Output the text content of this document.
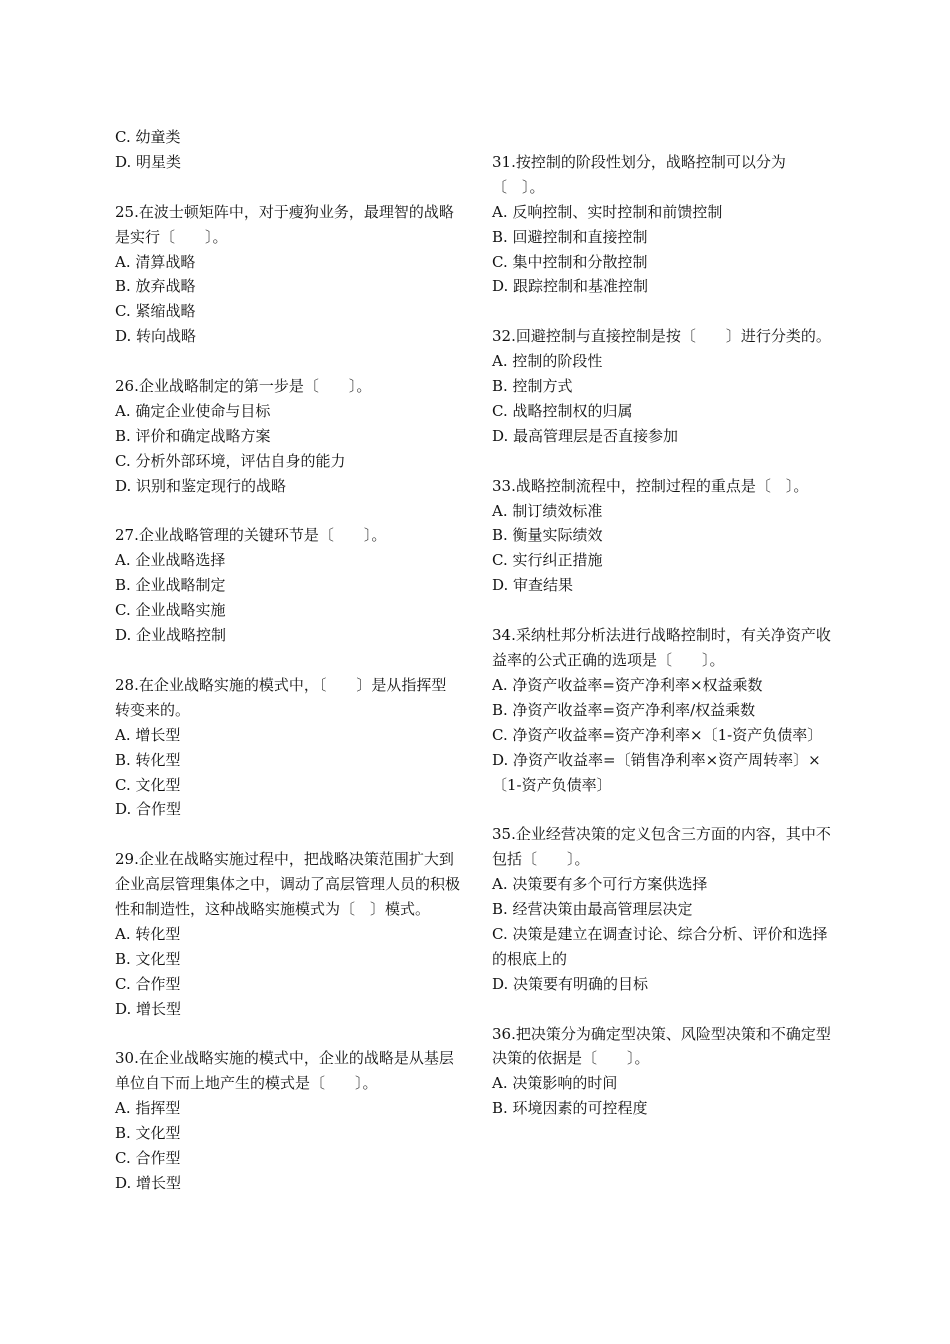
C. 幼童类

D. 明星类

25.在波士顿矩阵中，对于瘦狗业务，最理智的战略是实行〔　　〕。

A. 清算战略

B. 放弃战略

C. 紧缩战略

D. 转向战略

26.企业战略制定的第一步是〔　　〕。

A. 确定企业使命与目标

B. 评价和确定战略方案

C. 分析外部环境，评估自身的能力

D. 识别和鉴定现行的战略

27.企业战略管理的关键环节是〔　　〕。

A. 企业战略选择

B. 企业战略制定

C. 企业战略实施

D. 企业战略控制

28.在企业战略实施的模式中，〔　　〕是从指挥型转变来的。

A. 增长型

B. 转化型

C. 文化型

D. 合作型

29.企业在战略实施过程中，把战略决策范围扩大到企业高层管理集体之中，调动了高层管理人员的积极性和制造性，这种战略实施模式为〔　〕模式。

A. 转化型

B. 文化型

C. 合作型

D. 增长型

30.在企业战略实施的模式中，企业的战略是从基层单位自下而上地产生的模式是〔　　〕。

A. 指挥型

B. 文化型

C. 合作型

D. 增长型

31.按控制的阶段性划分，战略控制可以分为〔　〕。

A. 反响控制、实时控制和前馈控制

B. 回避控制和直接控制

C. 集中控制和分散控制

D. 跟踪控制和基准控制

32.回避控制与直接控制是按〔　　〕进行分类的。

A. 控制的阶段性

B. 控制方式

C. 战略控制权的归属

D. 最高管理层是否直接参加

33.战略控制流程中，控制过程的重点是〔　〕。

A. 制订绩效标准

B. 衡量实际绩效

C. 实行纠正措施

D. 审查结果

34.采纳杜邦分析法进行战略控制时，有关净资产收益率的公式正确的选项是〔　　〕。

A. 净资产收益率=资产净利率×权益乘数

B. 净资产收益率=资产净利率/权益乘数

C. 净资产收益率=资产净利率×〔1-资产负债率〕

D. 净资产收益率=〔销售净利率×资产周转率〕×〔1-资产负债率〕

35.企业经营决策的定义包含三方面的内容，其中不包括〔　　〕。

A. 决策要有多个可行方案供选择

B. 经营决策由最高管理层决定

C. 决策是建立在调查讨论、综合分析、评价和选择的根底上的

D. 决策要有明确的目标

36.把决策分为确定型决策、风险型决策和不确定型决策的依据是〔　　〕。

A. 决策影响的时间

B. 环境因素的可控程度
